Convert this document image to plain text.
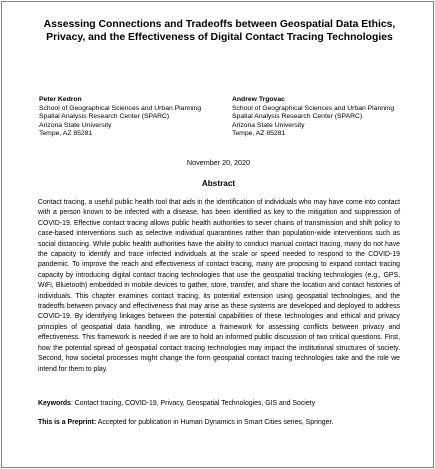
Assessing Connections and Tradeoffs between Geospatial Data Ethics, Privacy, and the Effectiveness of Digital Contact Tracing Technologies
Peter Kedron
School of Geographical Sciences and Urban Planning
Spatial Analysis Research Center (SPARC)
Arizona State University
Tempe, AZ 85281
Andrew Trgovac
School of Geographical Sciences and Urban Planning
Spatial Analysis Research Center (SPARC)
Arizona State University
Tempe, AZ 85281
November 20, 2020
Abstract
Contact tracing, a useful public health tool that aids in the identification of individuals who may have come into contact with a person known to be infected with a disease, has been identified as key to the mitigation and suppression of COVID-19. Effective contact tracing allows public health authorities to sever chains of transmission and shift policy to case-based interventions such as selective individual quarantines rather than population-wide interventions such as social distancing. While public health authorities have the ability to conduct manual contact tracing, many do not have the capacity to identify and trace infected individuals at the scale or speed needed to respond to the COVID-19 pandemic. To improve the reach and effectiveness of contact tracing, many are proposing to expand contact tracing capacity by introducing digital contact tracing technologies that use the geospatial tracking technologies (e.g., GPS, WiFi, Bluetooth) embedded in mobile devices to gather, store, transfer, and share the location and contact histories of individuals. This chapter examines contact tracing, its potential extension using geospatial technologies, and the tradeoffs between privacy and effectiveness that may arise as these systems are developed and deployed to address COVID-19. By identifying linkages between the potential capabilities of these technologies and ethical and privacy principles of geospatial data handling, we introduce a framework for assessing conflicts between privacy and effectiveness. This framework is needed if we are to hold an informed public discussion of two critical questions. First, how the potential spread of geospatial contact tracing technologies may impact the institutional structures of society. Second, how societal processes might change the form geospatial contact tracing technologies take and the role we intend for them to play.
Keywords: Contact tracing, COVID-19, Privacy, Geospatial Technologies, GIS and Society
This is a Preprint: Accepted for publication in Human Dynamics in Smart Cities series, Springer.
